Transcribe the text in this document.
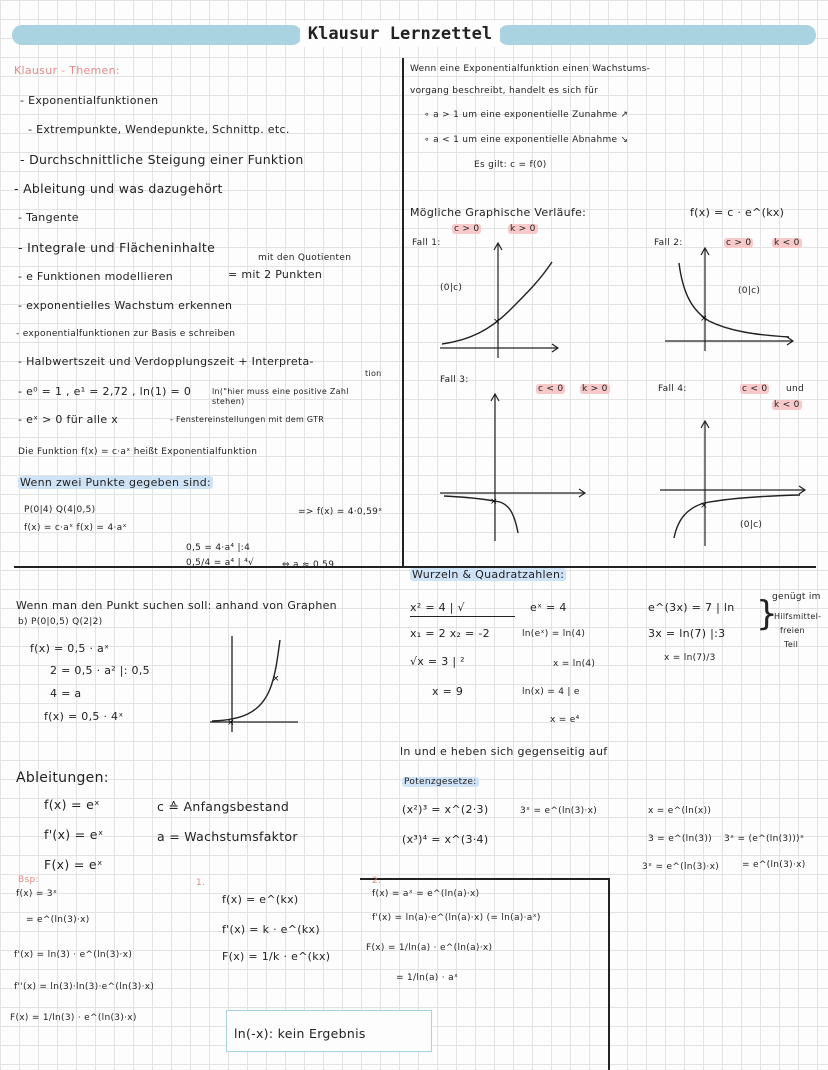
Klausur Lernzettel
Klausur - Themen:
- Exponentialfunktionen
- Extrempunkte, Wendepunkte, Schnittp. etc.
- Durchschnittliche Steigung einer Funktion
- Ableitung und was dazugehört
- Tangente
- Integrale und Flächeninhalte
mit den Quotienten
- e Funktionen modellieren	= mit 2 Punkten
- exponentielles Wachstum erkennen
- exponentialfunktionen zur Basis e schreiben
- Halbwertszeit und Verdopplungszeit + Interpreta-
tion
- e⁰ = 1 , e¹ = 2,72 , ln(1) = 0	ln("hier muss eine positive Zahl stehen)
- eˣ > 0 für alle x	- Fenstereinstellungen mit dem GTR
Die Funktion f(x) = c·aˣ heißt Exponentialfunktion
Wenn zwei Punkte gegeben sind:
P(0|4) Q(4|0,5)	=> f(x) = 4·0,59ˣ
f(x) = c·aˣ f(x) = 4·aˣ
0,5 = 4·a⁴ |:4
0,5/4 = a⁴ | ⁴√	⇔ a ≈ 0,59
Wenn man den Punkt suchen soll: anhand von Graphen
b) P(0|0,5) Q(2|2)
f(x) = 0,5 · aˣ
2 = 0,5 · a² |: 0,5
4 = a
f(x) = 0,5 · 4ˣ	×
×
Ableitungen:
f(x) = eˣ
f'(x) = eˣ
F(x) = eˣ
c ≙ Anfangsbestand
a = Wachstumsfaktor
Bsp:
f(x) = 3ˣ
= e^(ln(3)·x)
f'(x) = ln(3) · e^(ln(3)·x)
f''(x) = ln(3)·ln(3)·e^(ln(3)·x)
F(x) = 1/ln(3) · e^(ln(3)·x)
1.
f(x) = e^(kx)
f'(x) = k · e^(kx)
F(x) = 1/k · e^(kx)
2.
f(x) = aˣ = e^(ln(a)·x)
f'(x) = ln(a)·e^(ln(a)·x) (= ln(a)·aˣ)
F(x) = 1/ln(a) · e^(ln(a)·x)
= 1/ln(a) · aˣ
ln(-x): kein Ergebnis
Wenn eine Exponentialfunktion einen Wachstums-
vorgang beschreibt, handelt es sich für
∘ a > 1 um eine exponentielle Zunahme ↗
∘ a < 1 um eine exponentielle Abnahme ↘
Es gilt: c = f(0)
Mögliche Graphische Verläufe:	f(x) = c · e^(kx)
Fall 1:
c > 0	k > 0
(0|c)
×
Fall 2:	c > 0	k < 0
(0|c)
×
Fall 3:
c < 0 k > 0
×
Fall 4:	c < 0 und
k < 0
(0|c)
×
Wurzeln & Quadratzahlen:
x² = 4 | √
x₁ = 2 x₂ = -2
√x = 3 | ²
x = 9
eˣ = 4
ln(eˣ) = ln(4)
x = ln(4)
ln(x) = 4 | e
x = e⁴
e^(3x) = 7 | ln
3x = ln(7) |:3
x = ln(7)/3
genügt im
Hilfsmittel-
freien
Teil
}
ln und e heben sich gegenseitig auf
Potenzgesetze:
(x²)³ = x^(2·3)
(x³)⁴ = x^(3·4)
3ˣ = e^(ln(3)·x)	x = e^(ln(x))
3 = e^(ln(3))
3ˣ = e^(ln(3)·x)
3ˣ = (e^(ln(3)))ˣ
= e^(ln(3)·x)
